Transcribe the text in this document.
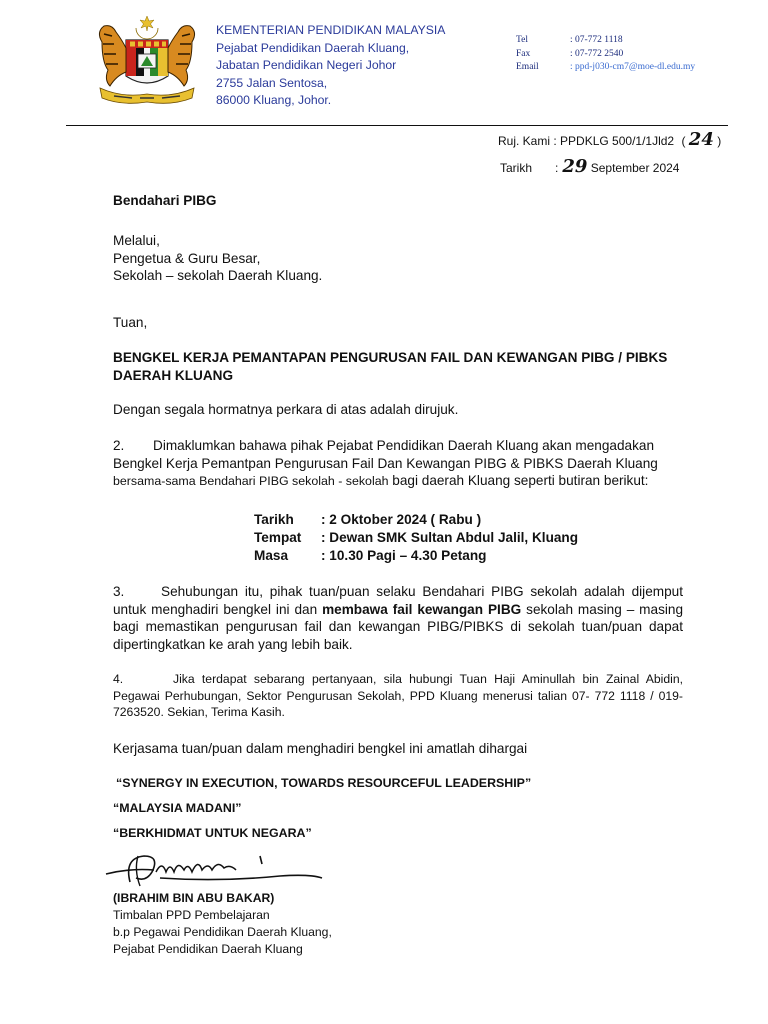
KEMENTERIAN PENDIDIKAN MALAYSIA
Pejabat Pendidikan Daerah Kluang,
Jabatan Pendidikan Negeri Johor
2755 Jalan Sentosa,
86000 Kluang, Johor.
Tel	: 07-772 1118
Fax	: 07-772 2540
Email	: ppd-j030-cm7@moe-dl.edu.my
Ruj. Kami : PPDKLG 500/1/1Jld2 ( 24 )
Tarikh : 29 September 2024
Bendahari PIBG
Melalui,
Pengetua & Guru Besar,
Sekolah – sekolah Daerah Kluang.
Tuan,
BENGKEL KERJA PEMANTAPAN PENGURUSAN FAIL DAN KEWANGAN PIBG / PIBKS DAERAH KLUANG
Dengan segala hormatnya perkara di atas adalah dirujuk.
2. Dimaklumkan bahawa pihak Pejabat Pendidikan Daerah Kluang akan mengadakan
Bengkel Kerja Pemantpan Pengurusan Fail Dan Kewangan PIBG & PIBKS Daerah Kluang
bersama-sama Bendahari PIBG sekolah - sekolah bagi daerah Kluang seperti butiran berikut:
Tarikh	: 2 Oktober 2024 ( Rabu )
Tempat	: Dewan SMK Sultan Abdul Jalil, Kluang
Masa	: 10.30 Pagi – 4.30 Petang
3.	Sehubungan itu, pihak tuan/puan selaku Bendahari PIBG sekolah adalah dijemput untuk menghadiri bengkel ini dan membawa fail kewangan PIBG sekolah masing – masing bagi memastikan pengurusan fail dan kewangan PIBG/PIBKS di sekolah tuan/puan dapat dipertingkatkan ke arah yang lebih baik.
4.	Jika terdapat sebarang pertanyaan, sila hubungi Tuan Haji Aminullah bin Zainal Abidin, Pegawai Perhubungan, Sektor Pengurusan Sekolah, PPD Kluang menerusi talian 07- 772 1118 / 019-7263520. Sekian, Terima Kasih.
Kerjasama tuan/puan dalam menghadiri bengkel ini amatlah dihargai
“SYNERGY IN EXECUTION, TOWARDS RESOURCEFUL LEADERSHIP”
“MALAYSIA MADANI”
“BERKHIDMAT UNTUK NEGARA”
(IBRAHIM BIN ABU BAKAR)
Timbalan PPD Pembelajaran
b.p Pegawai Pendidikan Daerah Kluang,
Pejabat Pendidikan Daerah Kluang
